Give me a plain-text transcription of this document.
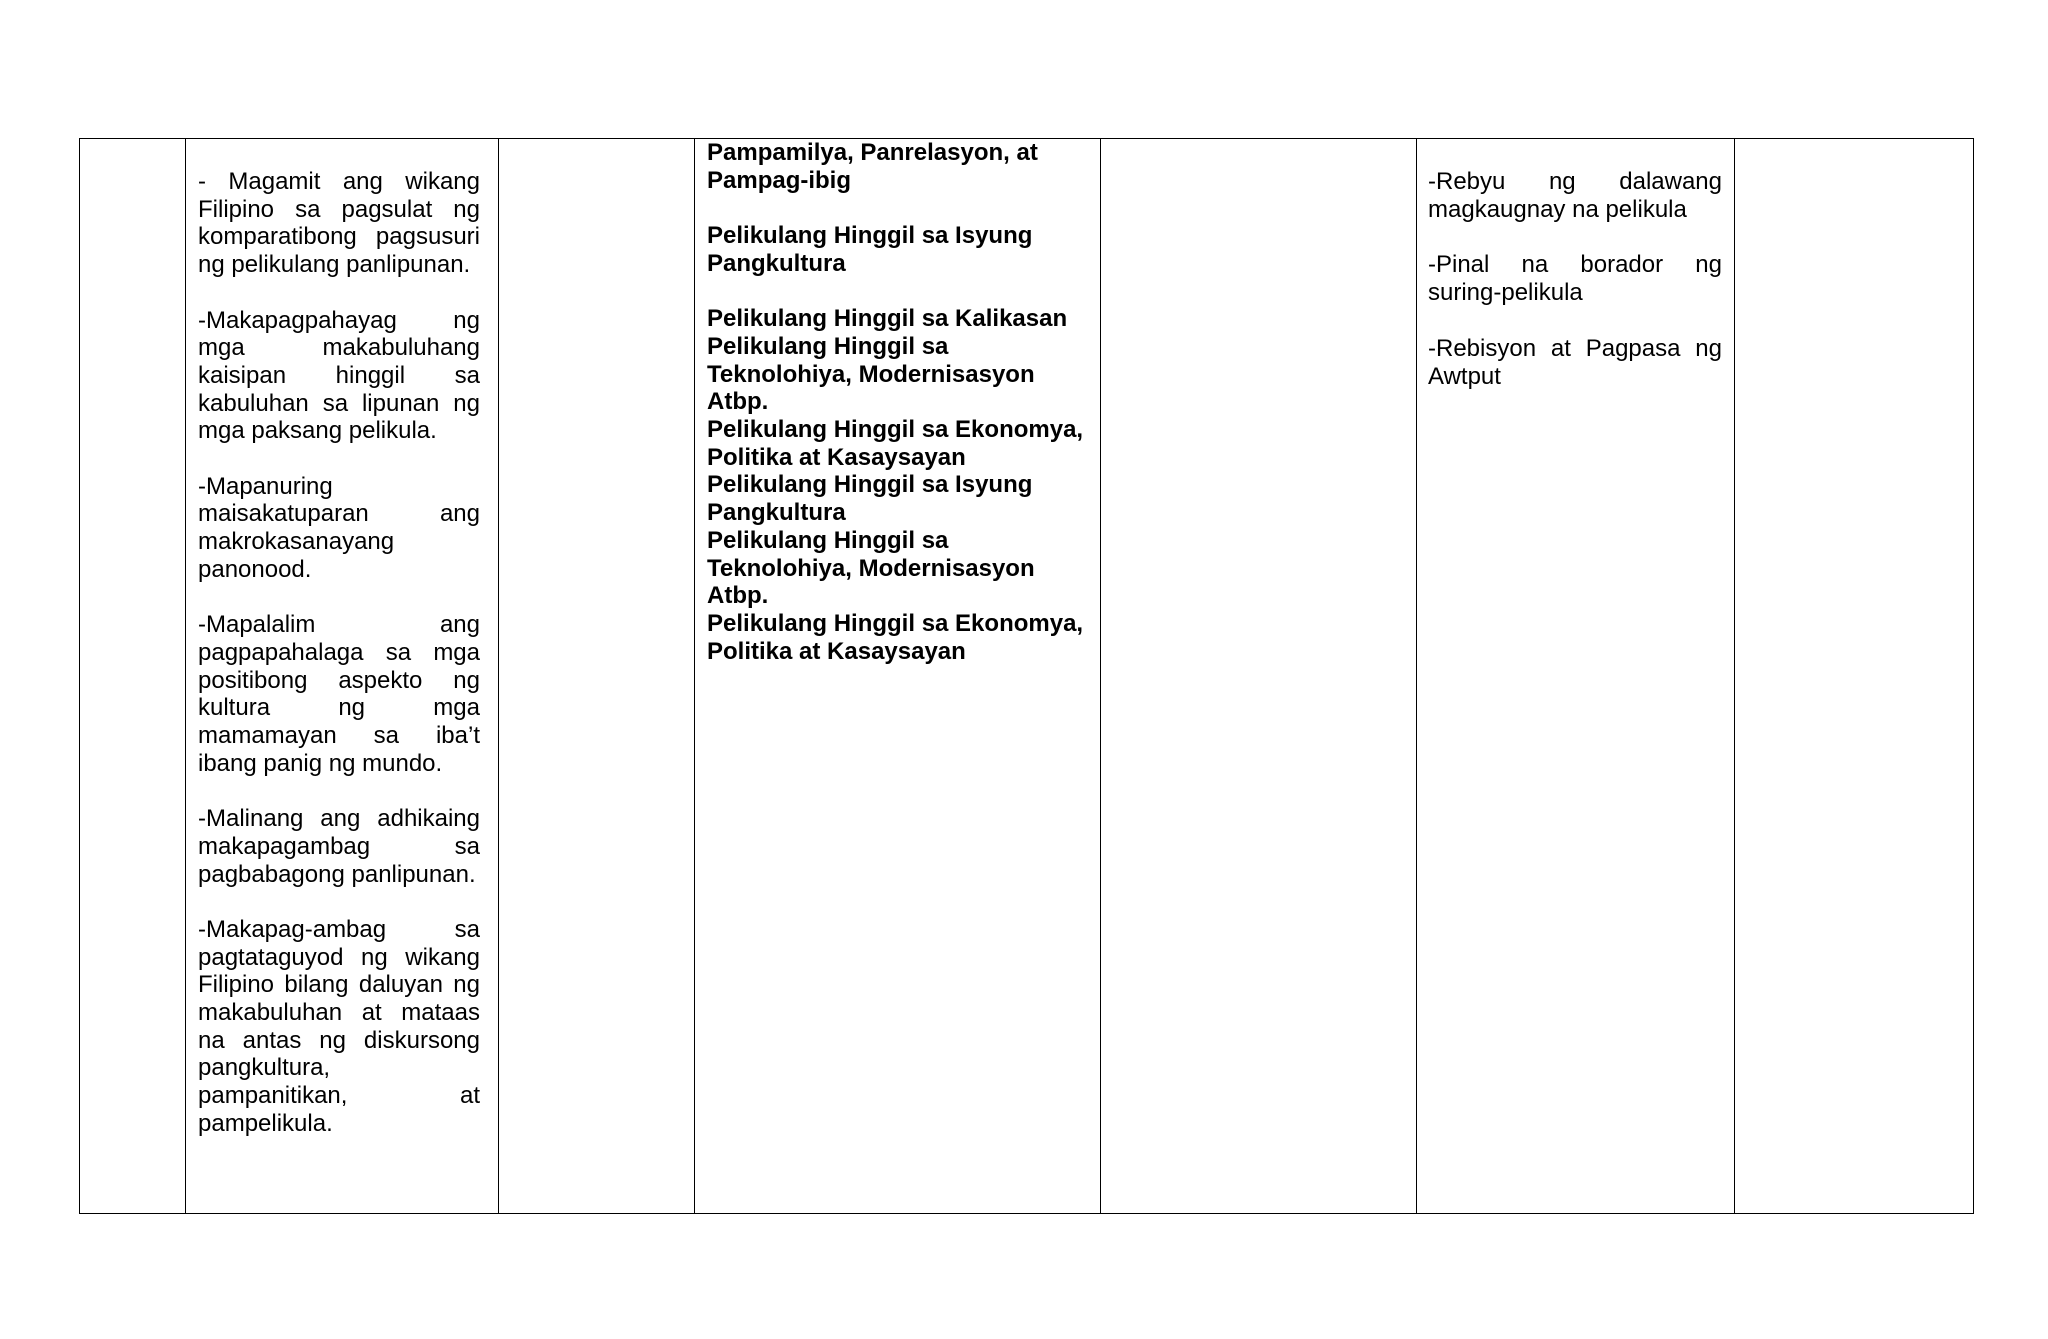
- Magamit ang wikang Filipino sa pagsulat ng komparatibong pagsusuri ng pelikulang panlipunan.

-Makapagpahayag ng mga makabuluhang kaisipan hinggil sa kabuluhan sa lipunan ng mga paksang pelikula.

-Mapanuring maisakatuparan ang makrokasanayang panonood.

-Mapalalim ang pagpapahalaga sa mga positibong aspekto ng kultura ng mga mamamayan sa iba’t ibang panig ng mundo.

-Malinang ang adhikaing makapagambag sa pagbabagong panlipunan.

-Makapag-ambag sa pagtataguyod ng wikang Filipino bilang daluyan ng makabuluhan at mataas na antas ng diskursong pangkultura, pampanitikan, at pampelikula.

Pampamilya, Panrelasyon, at Pampag-ibig

Pelikulang Hinggil sa Isyung Pangkultura

Pelikulang Hinggil sa Kalikasan

Pelikulang Hinggil sa Teknolohiya, Modernisasyon Atbp.

Pelikulang Hinggil sa Ekonomya, Politika at Kasaysayan

Pelikulang Hinggil sa Isyung Pangkultura

Pelikulang Hinggil sa Teknolohiya, Modernisasyon Atbp.

Pelikulang Hinggil sa Ekonomya, Politika at Kasaysayan

-Rebyu ng dalawang magkaugnay na pelikula

-Pinal na borador ng suring-pelikula

-Rebisyon at Pagpasa ng Awtput
